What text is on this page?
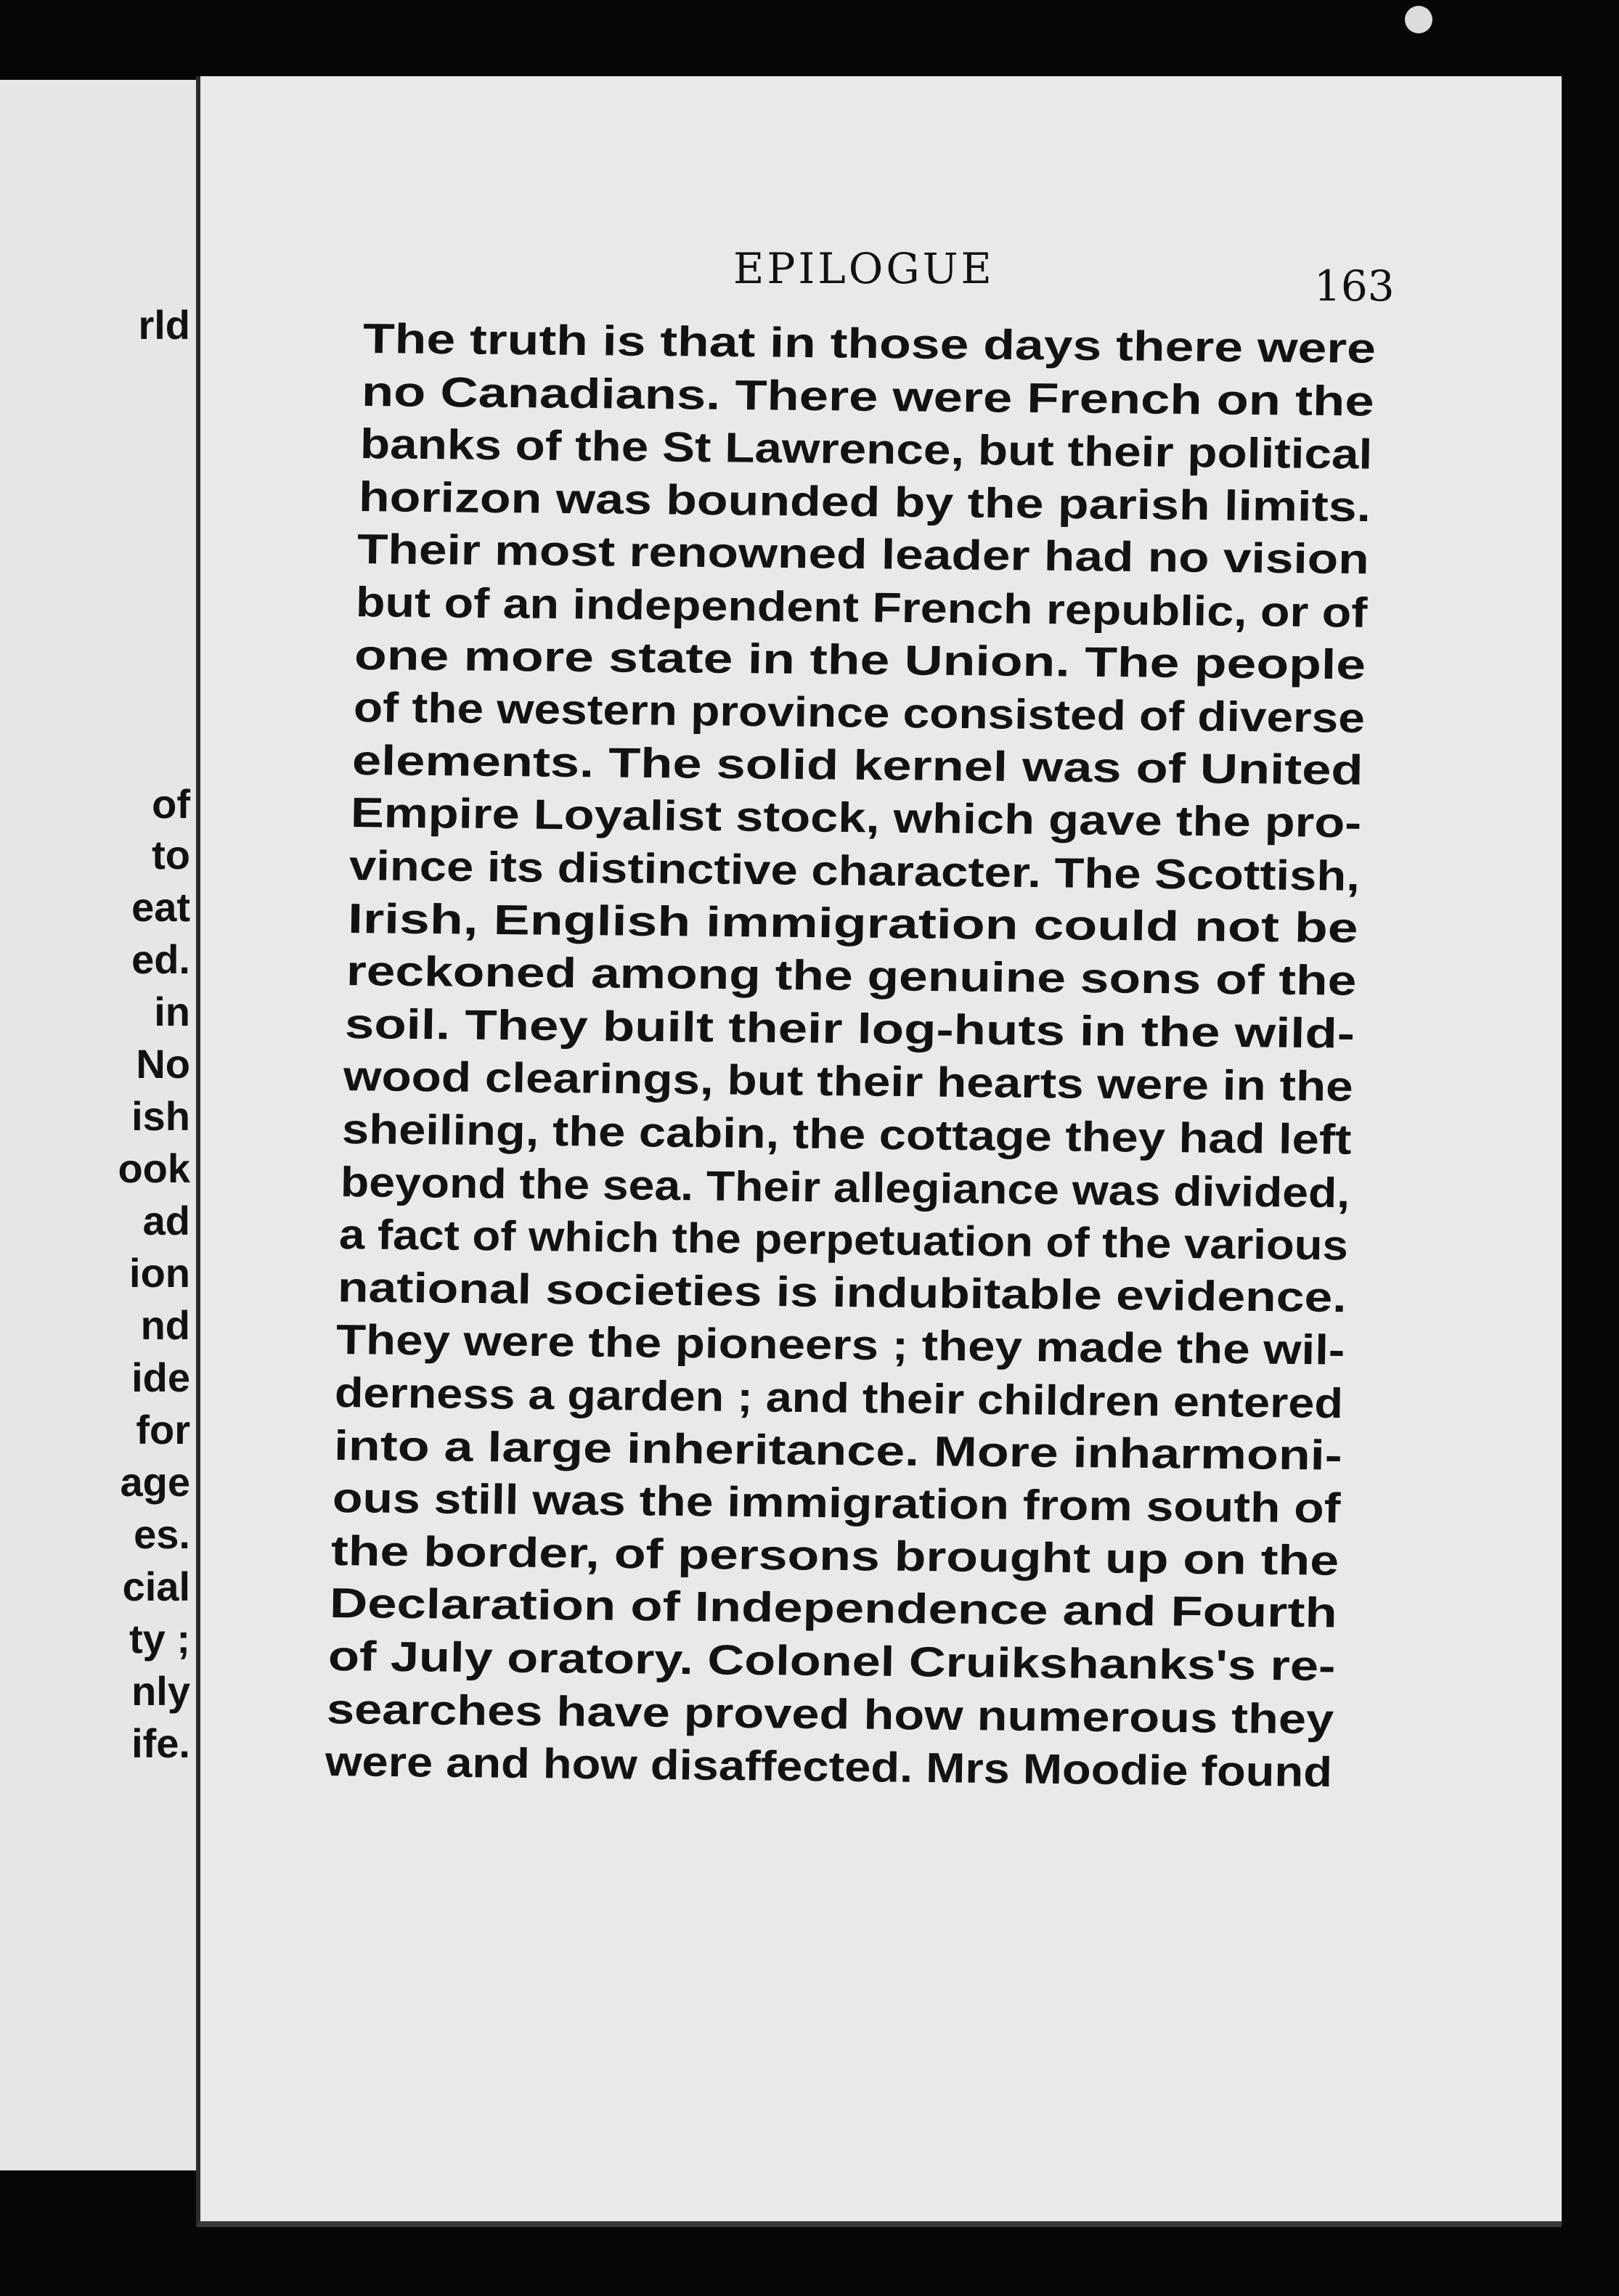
rld
of
to
eat
ed.
in
No
ish
ook
ad
ion
nd
ide
for
age
es.
cial
ty ;
nly
ife.
EPILOGUE	163
The truth is that in those days there were
no Canadians. There were French on the
banks of the St Lawrence, but their political
horizon was bounded by the parish limits.
Their most renowned leader had no vision
but of an independent French republic, or of
one more state in the Union. The people
of the western province consisted of diverse
elements. The solid kernel was of United
Empire Loyalist stock, which gave the pro-
vince its distinctive character. The Scottish,
Irish, English immigration could not be
reckoned among the genuine sons of the
soil. They built their log-huts in the wild-
wood clearings, but their hearts were in the
sheiling, the cabin, the cottage they had left
beyond the sea. Their allegiance was divided,
a fact of which the perpetuation of the various
national societies is indubitable evidence.
They were the pioneers ; they made the wil-
derness a garden ; and their children entered
into a large inheritance. More inharmoni-
ous still was the immigration from south of
the border, of persons brought up on the
Declaration of Independence and Fourth
of July oratory. Colonel Cruikshanks's re-
searches have proved how numerous they
were and how disaffected. Mrs Moodie found
